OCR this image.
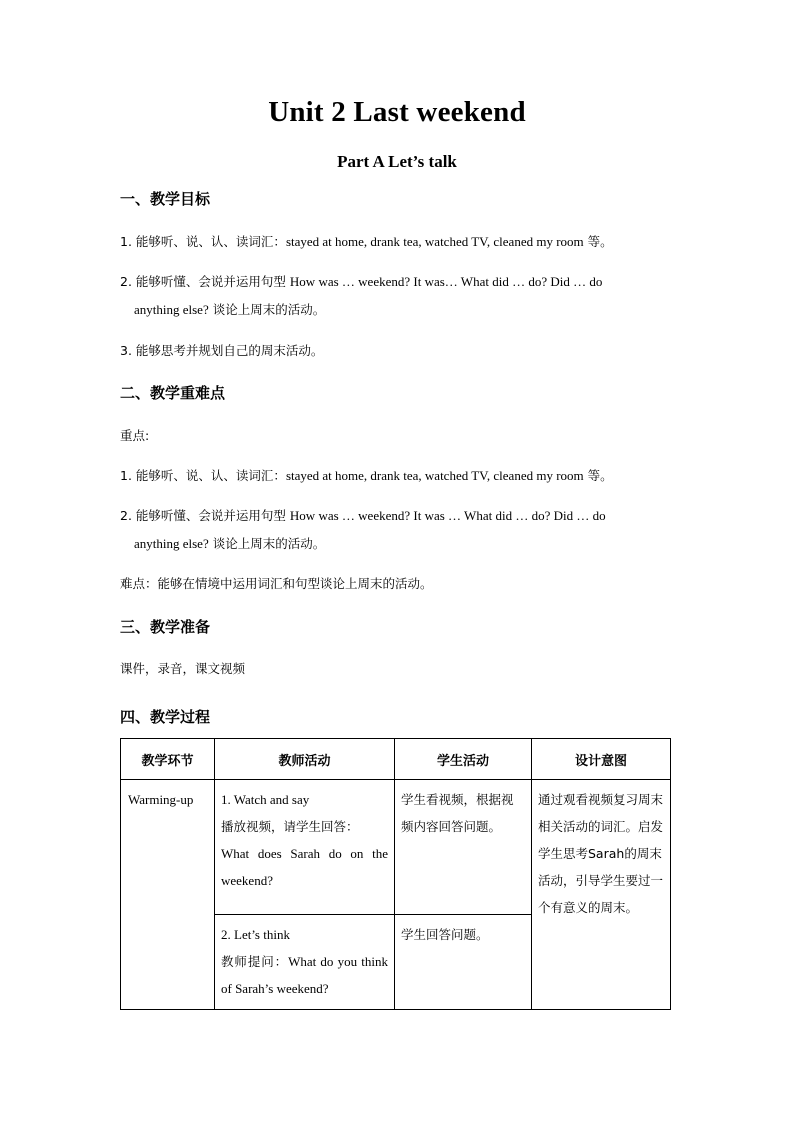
Unit 2 Last weekend
Part A Let’s talk
一、教学目标
1. 能够听、说、认、读词汇：stayed at home, drank tea, watched TV, cleaned my room 等。
2. 能够听懂、会说并运用句型 How was … weekend? It was… What did … do? Did … do
anything else? 谈论上周末的活动。
3. 能够思考并规划自己的周末活动。
二、教学重难点
重点:
1. 能够听、说、认、读词汇：stayed at home, drank tea, watched TV, cleaned my room 等。
2. 能够听懂、会说并运用句型 How was … weekend? It was … What did … do? Did … do
anything else? 谈论上周末的活动。
难点：能够在情境中运用词汇和句型谈论上周末的活动。
三、教学准备
课件，录音，课文视频
四、教学过程
教学环节	教师活动	学生活动	设计意图

Warming-up	1. Watch and say
播放视频，请学生回答：
What does Sarah do on the weekend?	学生看视频，根据视频内容回答问题。	通过观看视频复习周末相关活动的词汇。启发学生思考Sarah的周末活动，引导学生要过一个有意义的周末。

	2. Let’s think
教师提问：What do you think of Sarah’s weekend?	学生回答问题。	
